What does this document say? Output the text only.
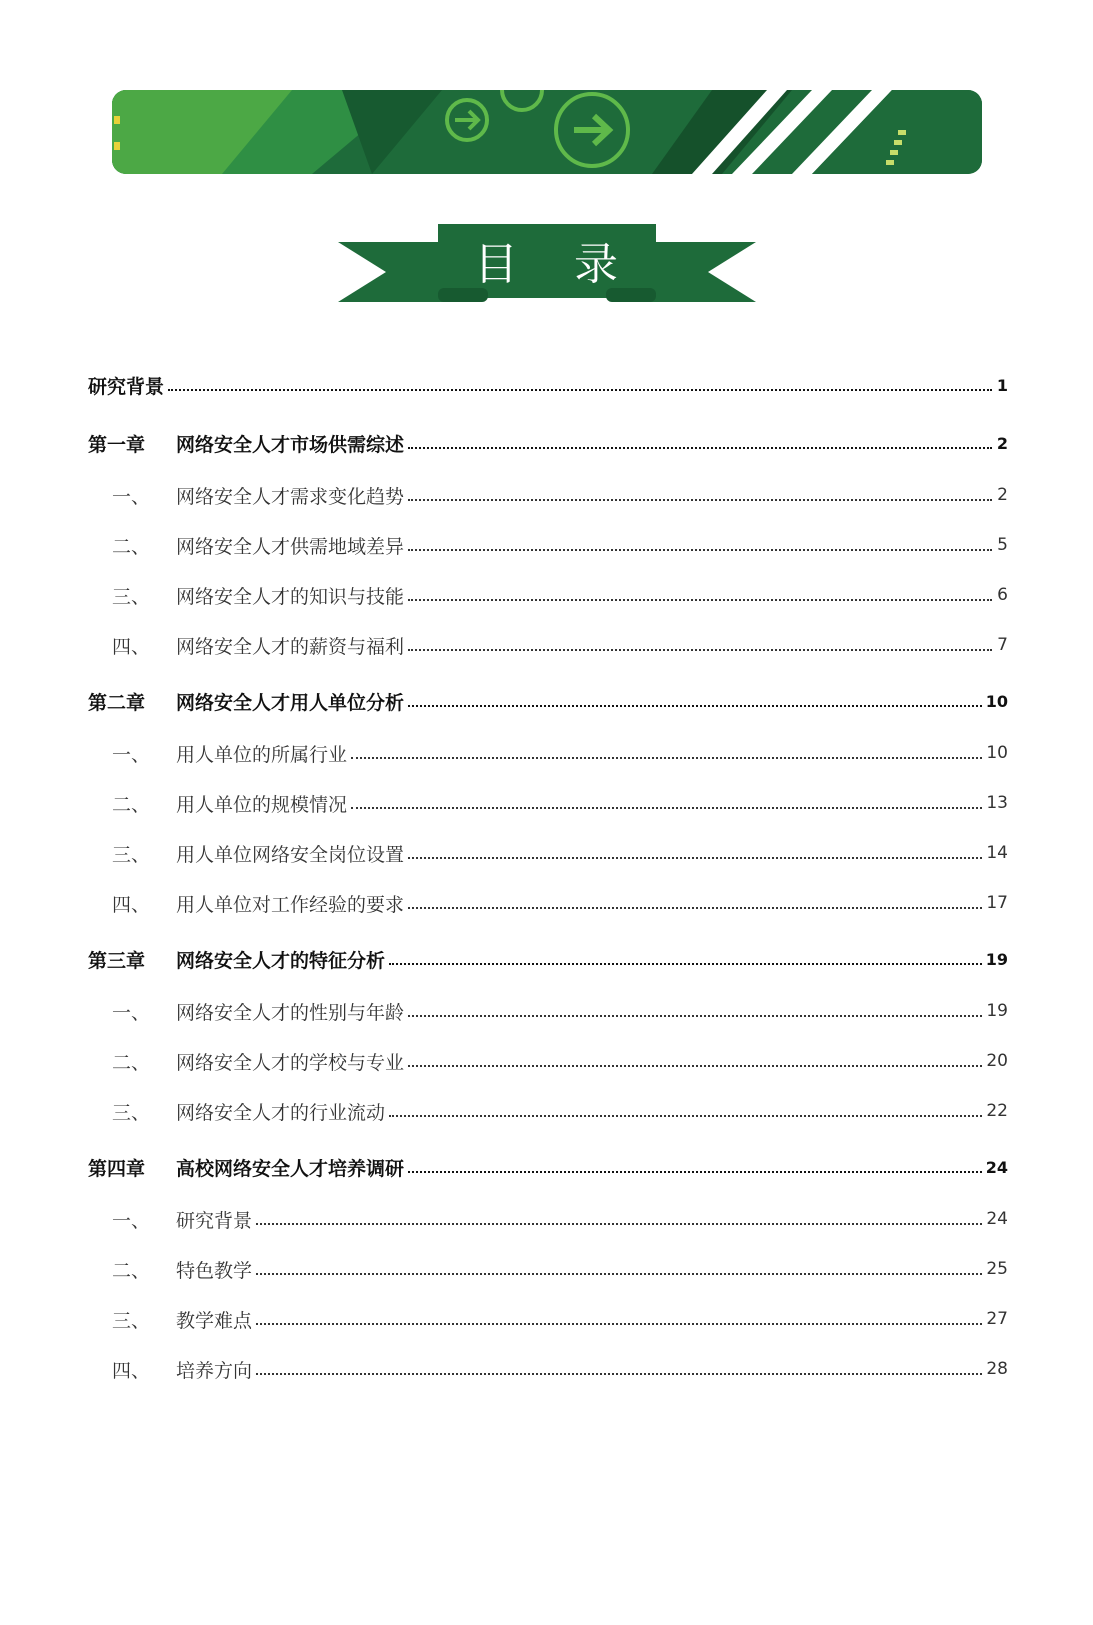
目 录
研究背景	1
第一章	网络安全人才市场供需综述	2
一、	网络安全人才需求变化趋势	2
二、	网络安全人才供需地域差异	5
三、	网络安全人才的知识与技能	6
四、	网络安全人才的薪资与福利	7
第二章	网络安全人才用人单位分析	10
一、	用人单位的所属行业	10
二、	用人单位的规模情况	13
三、	用人单位网络安全岗位设置	14
四、	用人单位对工作经验的要求	17
第三章	网络安全人才的特征分析	19
一、	网络安全人才的性别与年龄	19
二、	网络安全人才的学校与专业	20
三、	网络安全人才的行业流动	22
第四章	高校网络安全人才培养调研	24
一、	研究背景	24
二、	特色教学	25
三、	教学难点	27
四、	培养方向	28
